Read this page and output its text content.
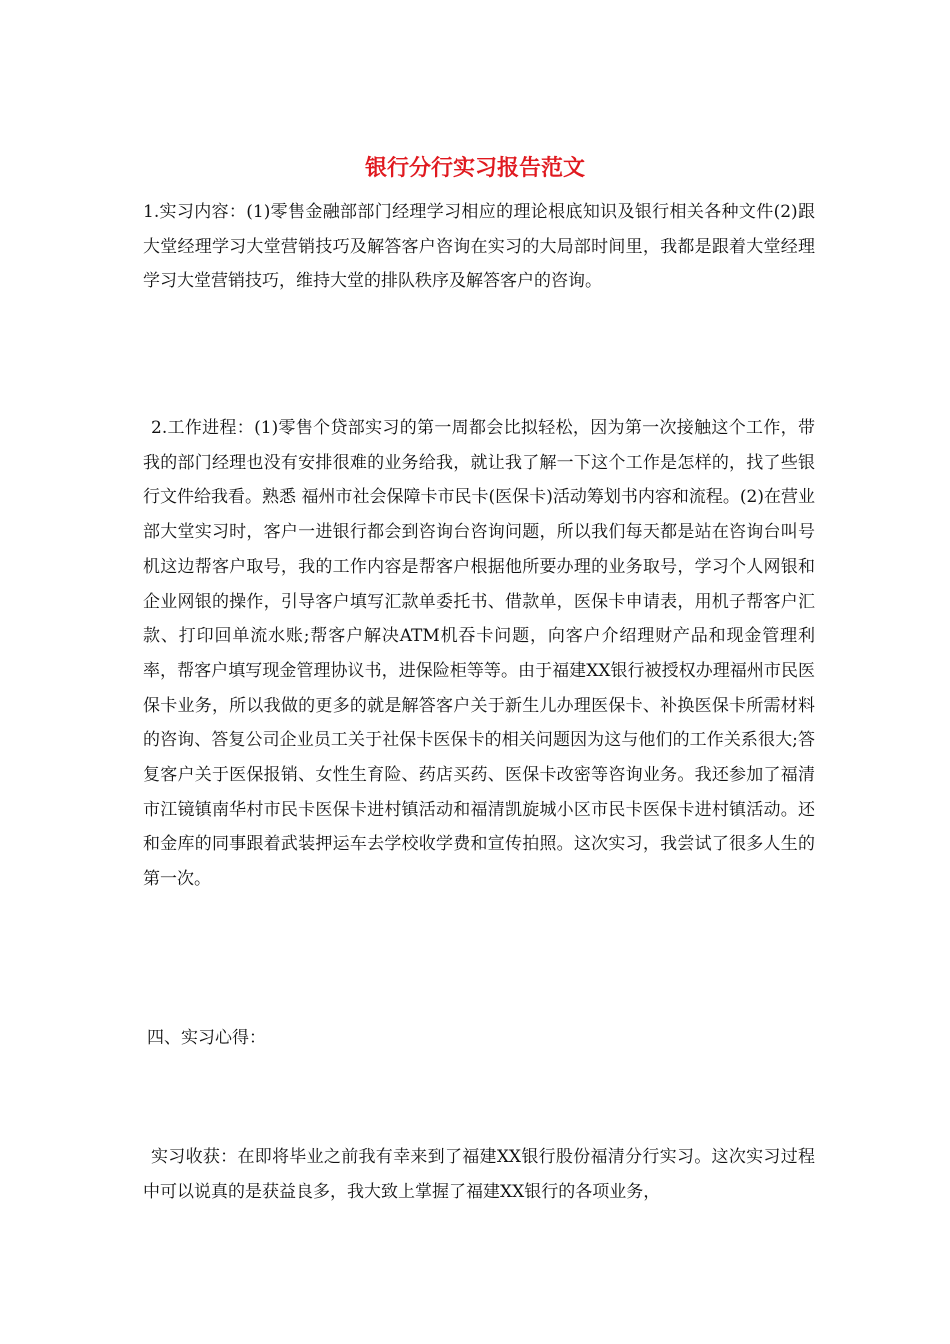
银行分行实习报告范文

1.实习内容：(1)零售金融部部门经理学习相应的理论根底知识及银行相关各种文件(2)跟大堂经理学习大堂营销技巧及解答客户咨询在实习的大局部时间里，我都是跟着大堂经理学习大堂营销技巧，维持大堂的排队秩序及解答客户的咨询。

2.工作进程：(1)零售个贷部实习的第一周都会比拟轻松，因为第一次接触这个工作，带我的部门经理也没有安排很难的业务给我，就让我了解一下这个工作是怎样的，找了些银行文件给我看。熟悉 福州市社会保障卡市民卡(医保卡)活动筹划书内容和流程。(2)在营业部大堂实习时，客户一进银行都会到咨询台咨询问题，所以我们每天都是站在咨询台叫号机这边帮客户取号，我的工作内容是帮客户根据他所要办理的业务取号，学习个人网银和企业网银的操作，引导客户填写汇款单委托书、借款单，医保卡申请表，用机子帮客户汇款、打印回单流水账;帮客户解决ATM机吞卡问题，向客户介绍理财产品和现金管理利率，帮客户填写现金管理协议书，进保险柜等等。由于福建XX银行被授权办理福州市民医保卡业务，所以我做的更多的就是解答客户关于新生儿办理医保卡、补换医保卡所需材料的咨询、答复公司企业员工关于社保卡医保卡的相关问题因为这与他们的工作关系很大;答复客户关于医保报销、女性生育险、药店买药、医保卡改密等咨询业务。我还参加了福清市江镜镇南华村市民卡医保卡进村镇活动和福清凯旋城小区市民卡医保卡进村镇活动。还和金库的同事跟着武装押运车去学校收学费和宣传拍照。这次实习，我尝试了很多人生的第一次。

四、实习心得：

实习收获：在即将毕业之前我有幸来到了福建XX银行股份福清分行实习。这次实习过程中可以说真的是获益良多，我大致上掌握了福建XX银行的各项业务，
